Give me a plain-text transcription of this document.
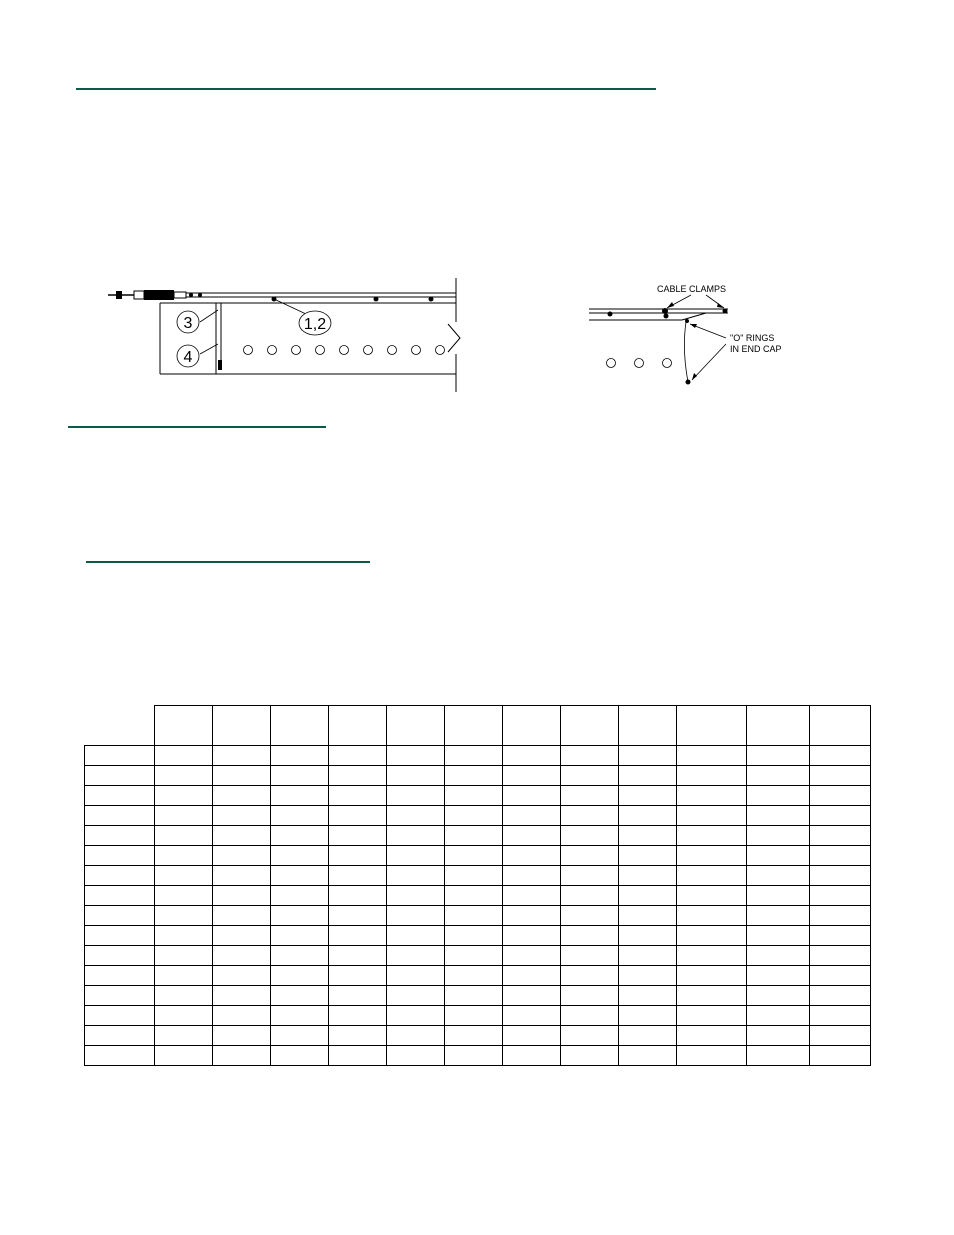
1,2
3
4
CABLE CLAMPS
"O" RINGS
IN END CAP
